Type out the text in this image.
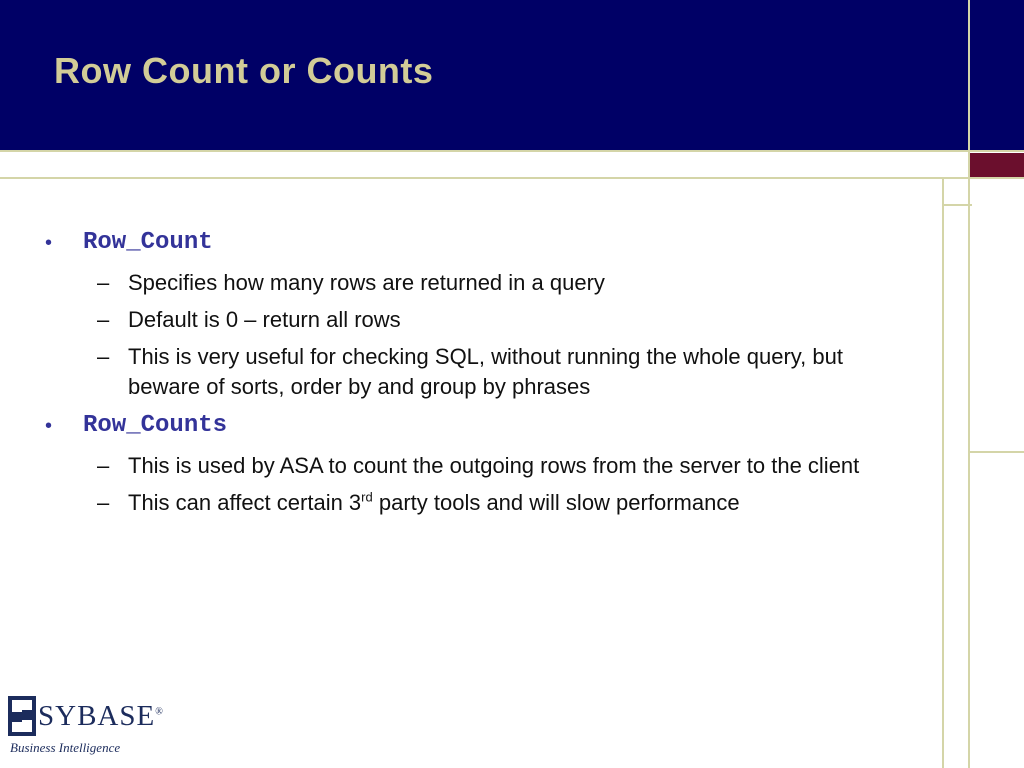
Row Count or Counts
• Row_Count
– Specifies how many rows are returned in a query
– Default is 0 – return all rows
– This is very useful for checking SQL, without running the whole query, but beware of sorts, order by and group by phrases
• Row_Counts
– This is used by ASA to count the outgoing rows from the server to the client
– This can affect certain 3rd party tools and will slow performance
SYBASE®
Business Intelligence
